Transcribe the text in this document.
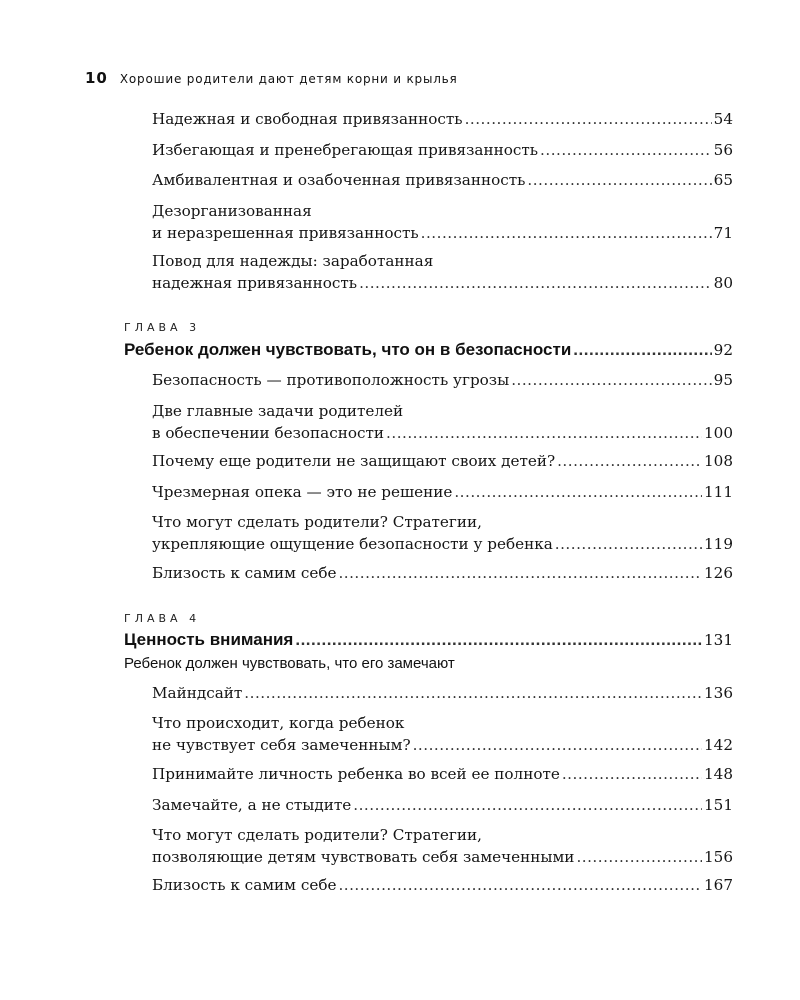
10 Хорошие родители дают детям корни и крылья
Надежная и свободная привязанность .....	54
Избегающая и пренебрегающая привязанность .....	56
Амбивалентная и озабоченная привязанность .....	65
Дезорганизованная
и неразрешенная привязанность .....	71
Повод для надежды: заработанная
надежная привязанность .....	80
ГЛАВА 3
Ребенок должен чувствовать, что он в безопасности .....	92
Безопасность — противоположность угрозы .....	95
Две главные задачи родителей
в обеспечении безопасности .....	100
Почему еще родители не защищают своих детей? .....	108
Чрезмерная опека — это не решение .....	111
Что могут сделать родители? Стратегии,
укрепляющие ощущение безопасности у ребенка .....	119
Близость к самим себе .....	126
ГЛАВА 4
Ценность внимания .....	131
Ребенок должен чувствовать, что его замечают
Майндсайт .....	136
Что происходит, когда ребенок
не чувствует себя замеченным? .....	142
Принимайте личность ребенка во всей ее полноте .....	148
Замечайте, а не стыдите .....	151
Что могут сделать родители? Стратегии,
позволяющие детям чувствовать себя замеченными .....	156
Близость к самим себе .....	167
